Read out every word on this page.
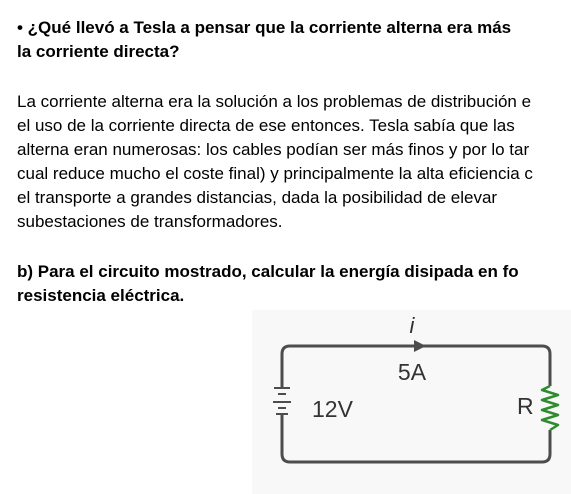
• ¿Qué llevó a Tesla a pensar que la corriente alterna era más
la corriente directa?
La corriente alterna era la solución a los problemas de distribución e
el uso de la corriente directa de ese entonces. Tesla sabía que las
alterna eran numerosas: los cables podían ser más finos y por lo tar
cual reduce mucho el coste final) y principalmente la alta eficiencia c
el transporte a grandes distancias, dada la posibilidad de elevar
subestaciones de transformadores.
b) Para el circuito mostrado, calcular la energía disipada en fo
resistencia eléctrica.
i
5A
12V	R
